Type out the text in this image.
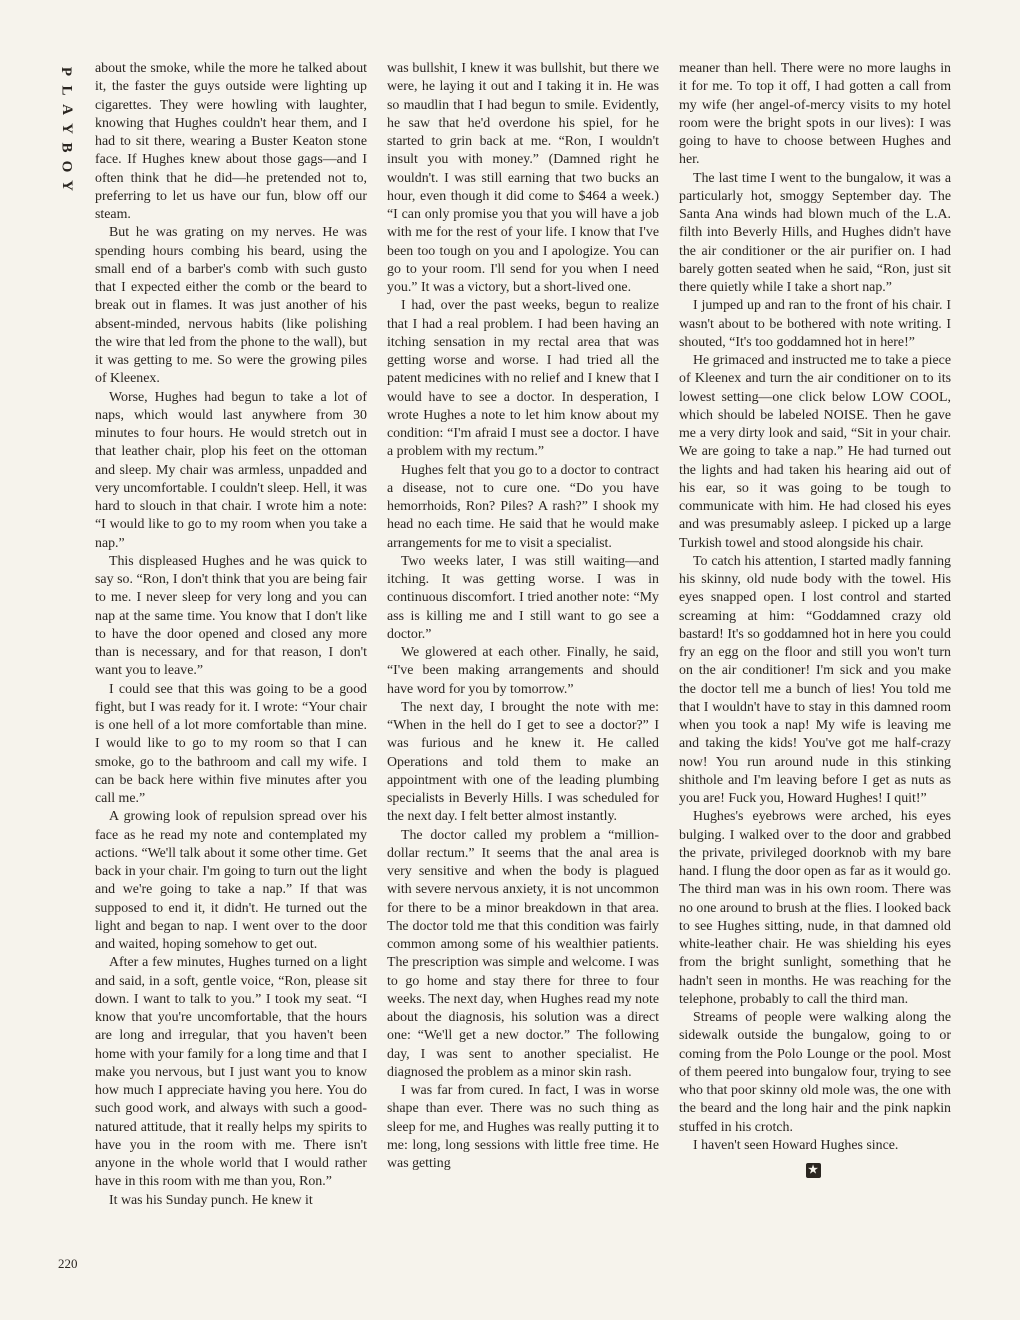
P
L
A
Y
B
O
Y

about the smoke, while the more he talked about it, the faster the guys outside were lighting up cigarettes. They were howling with laughter, knowing that Hughes couldn't hear them, and I had to sit there, wearing a Buster Keaton stone face. If Hughes knew about those gags—and I often think that he did—he pretended not to, preferring to let us have our fun, blow off our steam.

But he was grating on my nerves. He was spending hours combing his beard, using the small end of a barber's comb with such gusto that I expected either the comb or the beard to break out in flames. It was just another of his absent-minded, nervous habits (like polishing the wire that led from the phone to the wall), but it was getting to me. So were the growing piles of Kleenex.

Worse, Hughes had begun to take a lot of naps, which would last anywhere from 30 minutes to four hours. He would stretch out in that leather chair, plop his feet on the ottoman and sleep. My chair was armless, unpadded and very uncomfortable. I couldn't sleep. Hell, it was hard to slouch in that chair. I wrote him a note: “I would like to go to my room when you take a nap.”

This displeased Hughes and he was quick to say so. “Ron, I don't think that you are being fair to me. I never sleep for very long and you can nap at the same time. You know that I don't like to have the door opened and closed any more than is necessary, and for that reason, I don't want you to leave.”

I could see that this was going to be a good fight, but I was ready for it. I wrote: “Your chair is one hell of a lot more comfortable than mine. I would like to go to my room so that I can smoke, go to the bathroom and call my wife. I can be back here within five minutes after you call me.”

A growing look of repulsion spread over his face as he read my note and contemplated my actions. “We'll talk about it some other time. Get back in your chair. I'm going to turn out the light and we're going to take a nap.” If that was supposed to end it, it didn't. He turned out the light and began to nap. I went over to the door and waited, hoping somehow to get out.

After a few minutes, Hughes turned on a light and said, in a soft, gentle voice, “Ron, please sit down. I want to talk to you.” I took my seat. “I know that you're uncomfortable, that the hours are long and irregular, that you haven't been home with your family for a long time and that I make you nervous, but I just want you to know how much I appreciate having you here. You do such good work, and always with such a good-natured attitude, that it really helps my spirits to have you in the room with me. There isn't anyone in the whole world that I would rather have in this room with me than you, Ron.”

It was his Sunday punch. He knew it

was bullshit, I knew it was bullshit, but there we were, he laying it out and I taking it in. He was so maudlin that I had begun to smile. Evidently, he saw that he'd overdone his spiel, for he started to grin back at me. “Ron, I wouldn't insult you with money.” (Damned right he wouldn't. I was still earning that two bucks an hour, even though it did come to $464 a week.) “I can only promise you that you will have a job with me for the rest of your life. I know that I've been too tough on you and I apologize. You can go to your room. I'll send for you when I need you.” It was a victory, but a short-lived one.

I had, over the past weeks, begun to realize that I had a real problem. I had been having an itching sensation in my rectal area that was getting worse and worse. I had tried all the patent medicines with no relief and I knew that I would have to see a doctor. In desperation, I wrote Hughes a note to let him know about my condition: “I'm afraid I must see a doctor. I have a problem with my rectum.”

Hughes felt that you go to a doctor to contract a disease, not to cure one. “Do you have hemorrhoids, Ron? Piles? A rash?” I shook my head no each time. He said that he would make arrangements for me to visit a specialist.

Two weeks later, I was still waiting—and itching. It was getting worse. I was in continuous discomfort. I tried another note: “My ass is killing me and I still want to go see a doctor.”

We glowered at each other. Finally, he said, “I've been making arrangements and should have word for you by tomorrow.”

The next day, I brought the note with me: “When in the hell do I get to see a doctor?” I was furious and he knew it. He called Operations and told them to make an appointment with one of the leading plumbing specialists in Beverly Hills. I was scheduled for the next day. I felt better almost instantly.

The doctor called my problem a “million-dollar rectum.” It seems that the anal area is very sensitive and when the body is plagued with severe nervous anxiety, it is not uncommon for there to be a minor breakdown in that area. The doctor told me that this condition was fairly common among some of his wealthier patients. The prescription was simple and welcome. I was to go home and stay there for three to four weeks. The next day, when Hughes read my note about the diagnosis, his solution was a direct one: “We'll get a new doctor.” The following day, I was sent to another specialist. He diagnosed the problem as a minor skin rash.

I was far from cured. In fact, I was in worse shape than ever. There was no such thing as sleep for me, and Hughes was really putting it to me: long, long sessions with little free time. He was getting

meaner than hell. There were no more laughs in it for me. To top it off, I had gotten a call from my wife (her angel-of-mercy visits to my hotel room were the bright spots in our lives): I was going to have to choose between Hughes and her.

The last time I went to the bungalow, it was a particularly hot, smoggy September day. The Santa Ana winds had blown much of the L.A. filth into Beverly Hills, and Hughes didn't have the air conditioner or the air purifier on. I had barely gotten seated when he said, “Ron, just sit there quietly while I take a short nap.”

I jumped up and ran to the front of his chair. I wasn't about to be bothered with note writing. I shouted, “It's too goddamned hot in here!”

He grimaced and instructed me to take a piece of Kleenex and turn the air conditioner on to its lowest setting—one click below LOW COOL, which should be labeled NOISE. Then he gave me a very dirty look and said, “Sit in your chair. We are going to take a nap.” He had turned out the lights and had taken his hearing aid out of his ear, so it was going to be tough to communicate with him. He had closed his eyes and was presumably asleep. I picked up a large Turkish towel and stood alongside his chair.

To catch his attention, I started madly fanning his skinny, old nude body with the towel. His eyes snapped open. I lost control and started screaming at him: “Goddamned crazy old bastard! It's so goddamned hot in here you could fry an egg on the floor and still you won't turn on the air conditioner! I'm sick and you make the doctor tell me a bunch of lies! You told me that I wouldn't have to stay in this damned room when you took a nap! My wife is leaving me and taking the kids! You've got me half-crazy now! You run around nude in this stinking shithole and I'm leaving before I get as nuts as you are! Fuck you, Howard Hughes! I quit!”

Hughes's eyebrows were arched, his eyes bulging. I walked over to the door and grabbed the private, privileged doorknob with my bare hand. I flung the door open as far as it would go. The third man was in his own room. There was no one around to brush at the flies. I looked back to see Hughes sitting, nude, in that damned old white-leather chair. He was shielding his eyes from the bright sunlight, something that he hadn't seen in months. He was reaching for the telephone, probably to call the third man.

Streams of people were walking along the sidewalk outside the bungalow, going to or coming from the Polo Lounge or the pool. Most of them peered into bungalow four, trying to see who that poor skinny old mole was, the one with the beard and the long hair and the pink napkin stuffed in his crotch.

I haven't seen Howard Hughes since.

★
220
